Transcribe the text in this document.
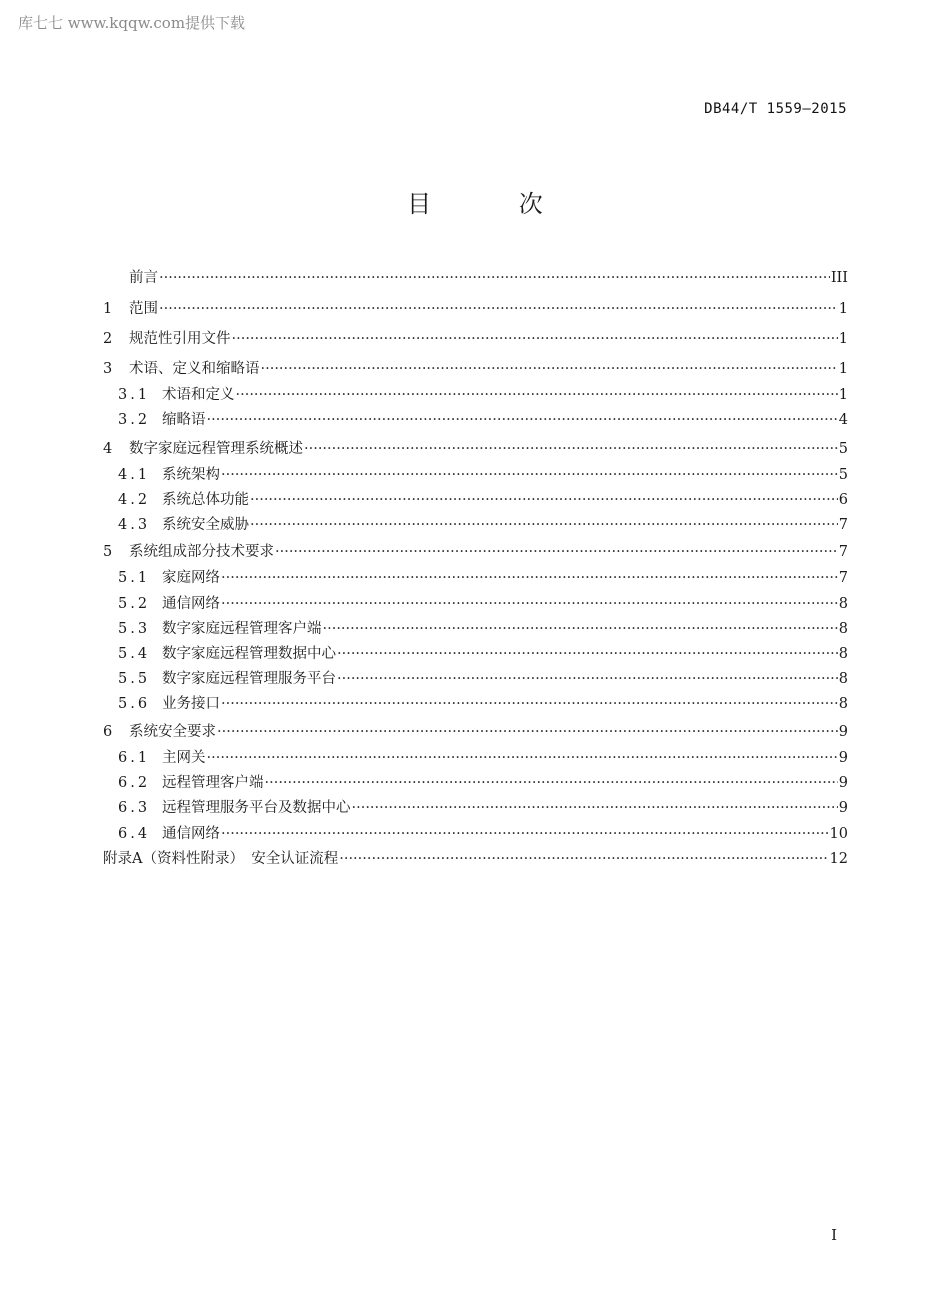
库七七 www.kqqw.com提供下载
DB44/T 1559—2015
目 次
前言 ·····	III
1	范围 ·····	1
2	规范性引用文件 ·····	1
3	术语、定义和缩略语 ·····	1
3.1 术语和定义 ·····	1
3.2 缩略语 ·····	4
4	数字家庭远程管理系统概述 ·····	5
4.1 系统架构 ·····	5
4.2 系统总体功能 ·····	6
4.3 系统安全威胁 ·····	7
5	系统组成部分技术要求 ·····	7
5.1 家庭网络 ·····	7
5.2 通信网络 ·····	8
5.3 数字家庭远程管理客户端 ·····	8
5.4 数字家庭远程管理数据中心 ·····	8
5.5 数字家庭远程管理服务平台 ·····	8
5.6 业务接口 ·····	8
6	系统安全要求 ·····	9
6.1 主网关 ·····	9
6.2 远程管理客户端 ·····	9
6.3 远程管理服务平台及数据中心 ·····	9
6.4 通信网络 ·····	10
附录A（资料性附录）　安全认证流程 ·····	12
I
